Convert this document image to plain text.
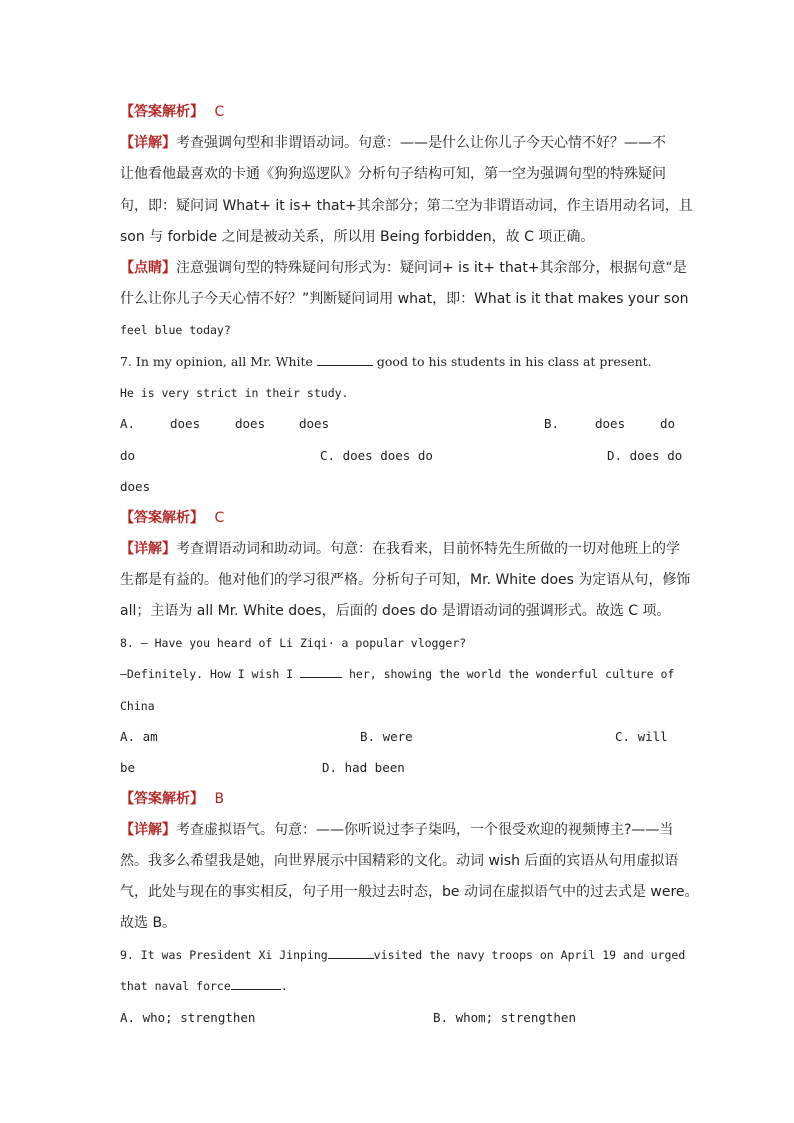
【答案解析】 C
【详解】考查强调句型和非谓语动词。句意：——是什么让你儿子今天心情不好？——不
让他看他最喜欢的卡通《狗狗巡逻队》分析句子结构可知，第一空为强调句型的特殊疑问
句，即：疑问词 What+ it is+ that+其余部分；第二空为非谓语动词，作主语用动名词，且
son 与 forbide 之间是被动关系，所以用 Being forbidden，故 C 项正确。
【点睛】注意强调句型的特殊疑问句形式为：疑问词+ is it+ that+其余部分，根据句意“是
什么让你儿子今天心情不好？”判断疑问词用 what，即：What is it that makes your son
feel blue today?
7. In my opinion, all Mr. White	good to his students in his class at present.
He is very strict in their study.
A.	does	does	does	B.	does	do
do	C. does does do	D. does do
does
【答案解析】 C
【详解】考查谓语动词和助动词。句意：在我看来，目前怀特先生所做的一切对他班上的学
生都是有益的。他对他们的学习很严格。分析句子可知，Mr. White does 为定语从句，修饰
all；主语为 all Mr. White does，后面的 does do 是谓语动词的强调形式。故选 C 项。
8. — Have you heard of Li Ziqi· a popular vlogger?
—Definitely. How I wish I	her, showing the world the wonderful culture of
China
A. am	B. were	C. will
be	D. had been
【答案解析】 B
【详解】考查虚拟语气。句意：——你听说过李子柒吗，一个很受欢迎的视频博主?——当
然。我多么希望我是她，向世界展示中国精彩的文化。动词 wish 后面的宾语从句用虚拟语
气，此处与现在的事实相反，句子用一般过去时态，be 动词在虚拟语气中的过去式是 were。
故选 B。
9. It was President Xi Jinping	visited the navy troops on April 19 and urged
that naval force	.
A. who; strengthen	B. whom; strengthen
